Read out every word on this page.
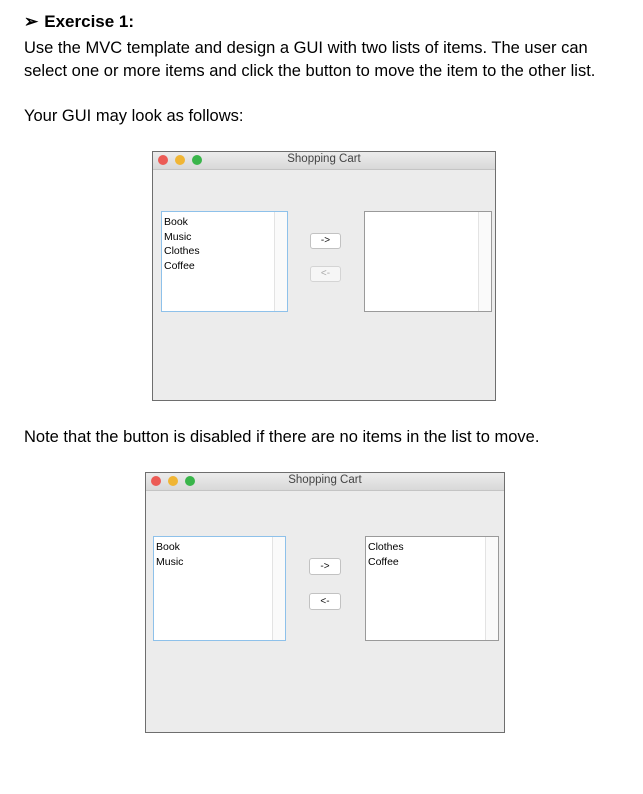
➢ Exercise 1:
Use the MVC template and design a GUI with two lists of items. The user can select one or more items and click the button to move the item to the other list.
Your GUI may look as follows:
Note that the button is disabled if there are no items in the list to move.
Shopping Cart
Book
Music
Clothes
Coffee
->
<-
Shopping Cart
Book
Music	->
<-
Clothes
Coffee
